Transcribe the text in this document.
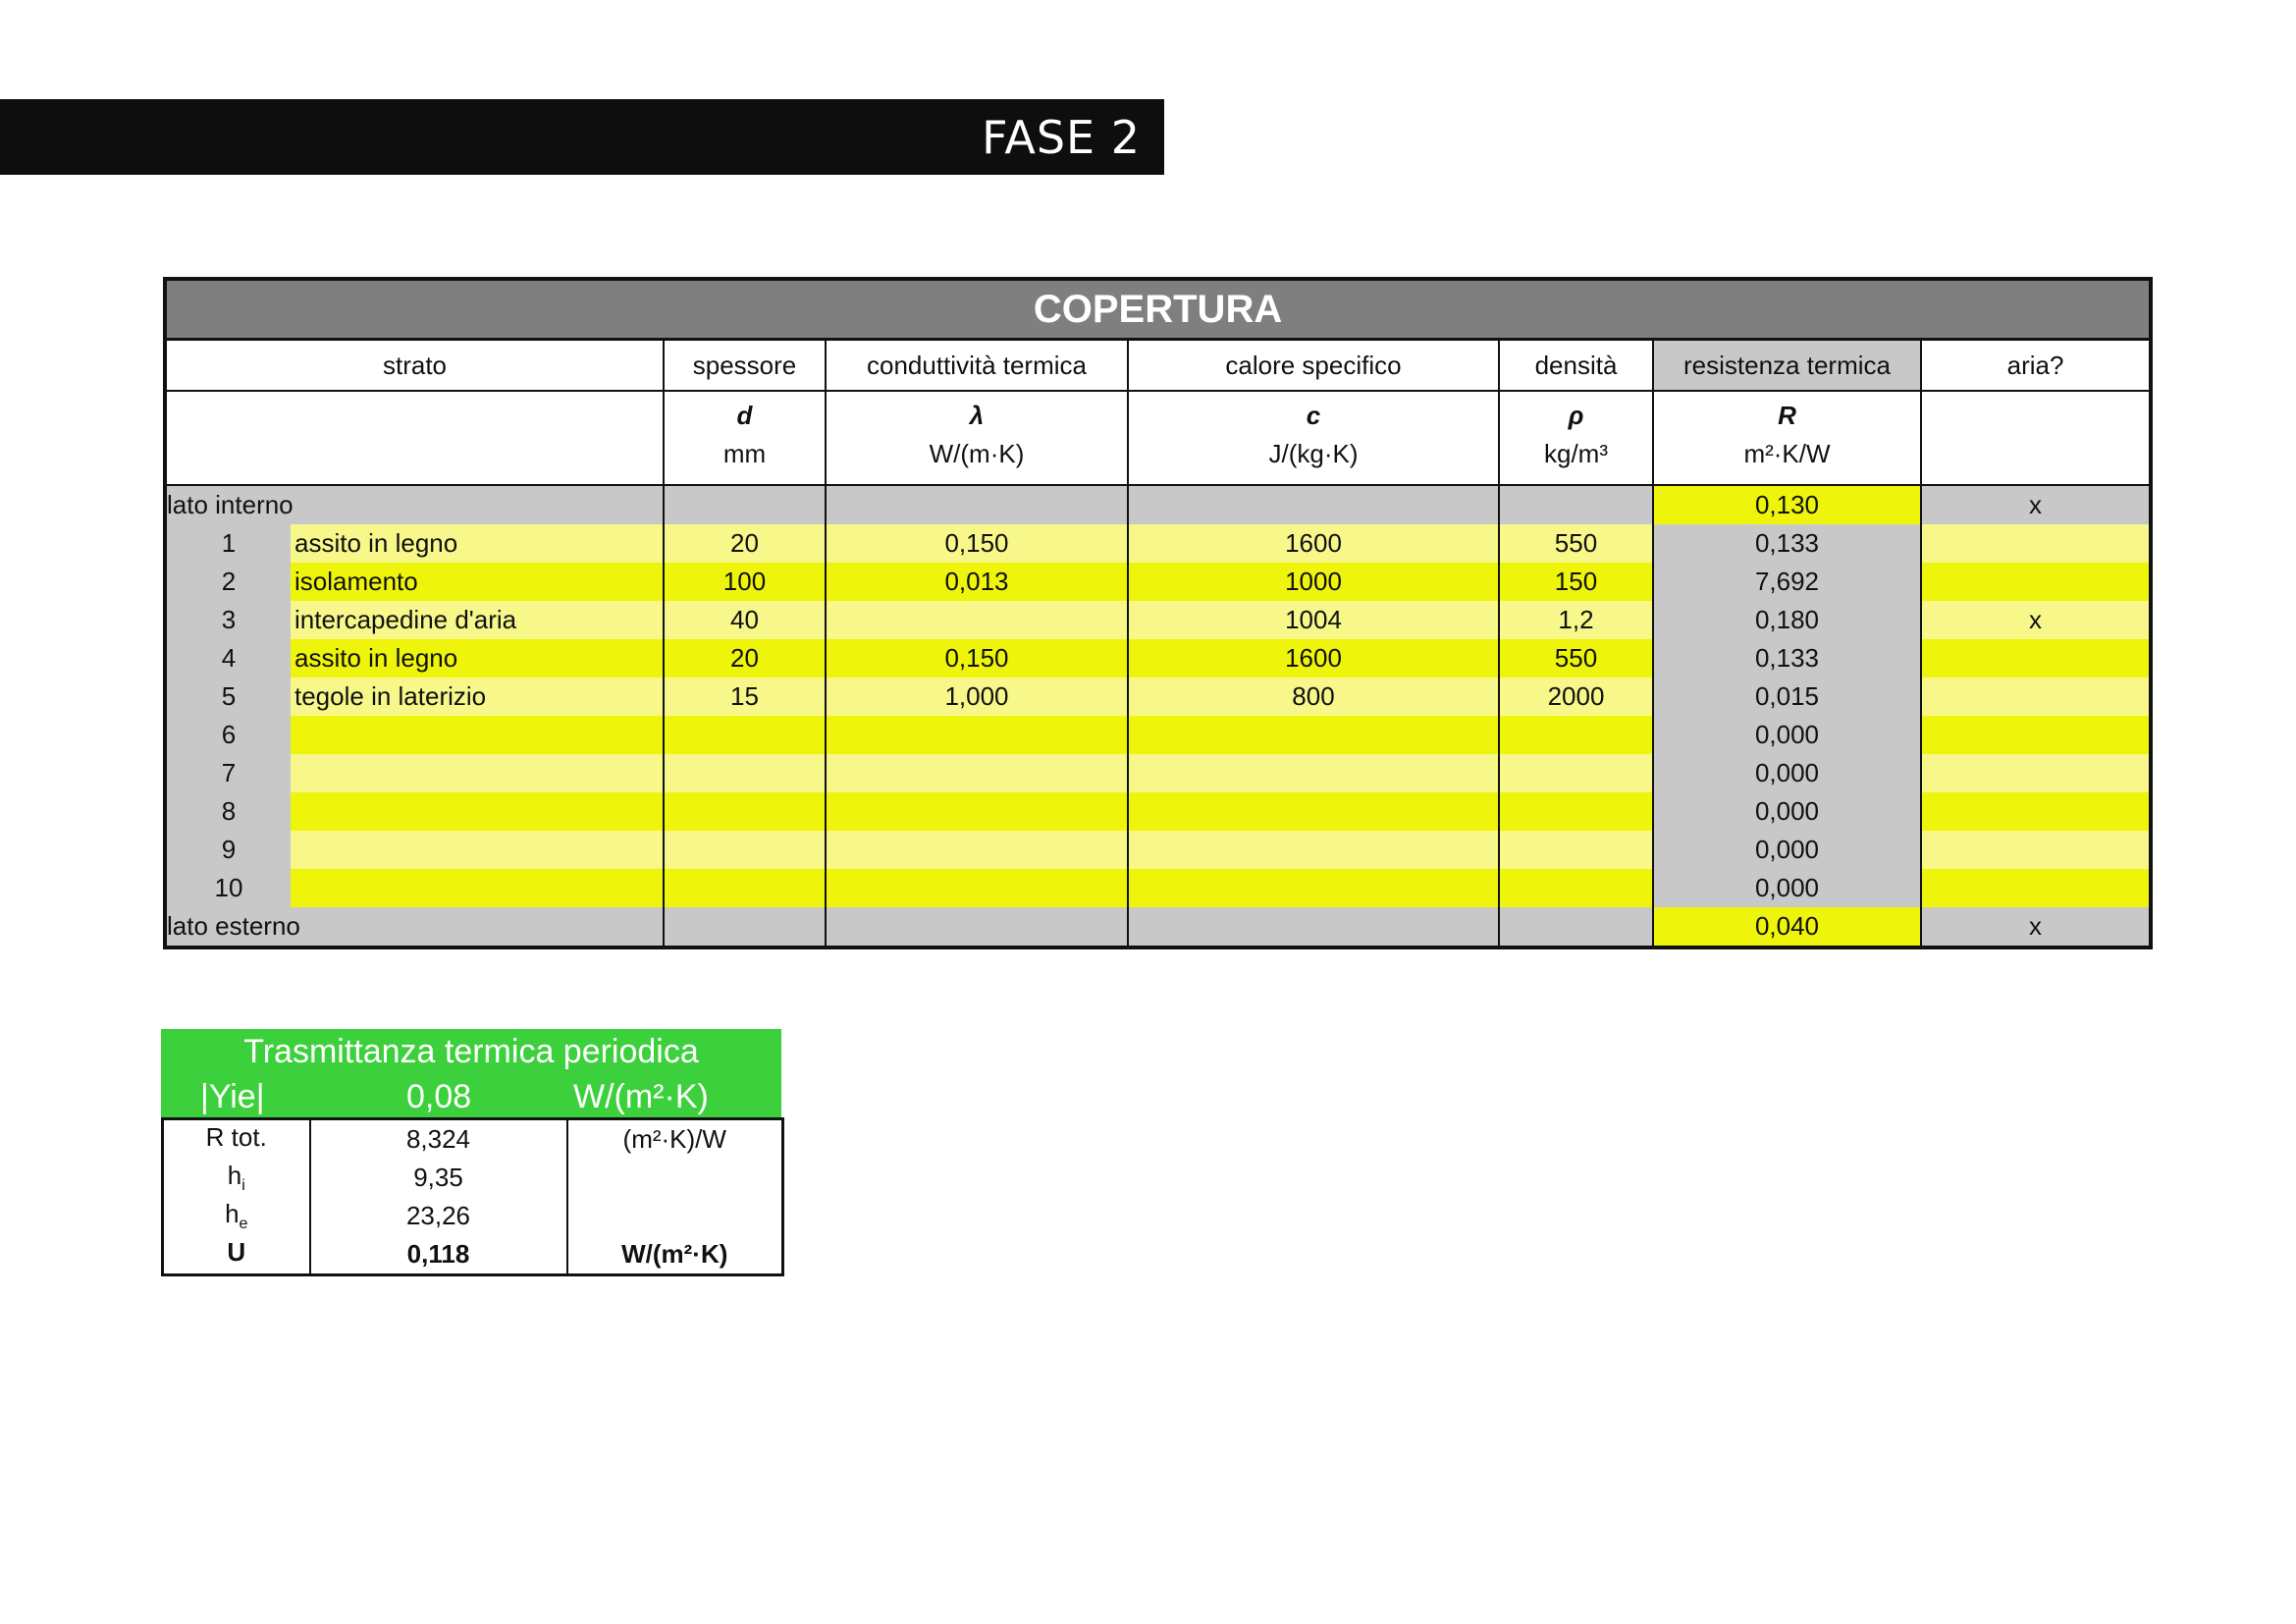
FASE 2
COPERTURA							
strato		spessore	conduttività termica	calore specifico	densità	resistenza termica	aria?
		d	λ	c	ρ	R	
		mm	W/(m·K)	J/(kg·K)	kg/m³	m²·K/W	
lato interno						0,130	x
1	assito in legno	20	0,150	1600	550	0,133	
2	isolamento	100	0,013	1000	150	7,692	
3	intercapedine d'aria	40		1004	1,2	0,180	x
4	assito in legno	20	0,150	1600	550	0,133	
5	tegole in laterizio	15	1,000	800	2000	0,015	
6						0,000	
7						0,000	
8						0,000	
9						0,000	
10						0,000	
lato esterno						0,040	x
Trasmittanza termica periodica
|Yie|	0,08	W/(m²·K)
R tot.	8,324	(m²·K)/W
$h_i$	9,35	
$h_e$	23,26	
U	0,118	W/(m²·K)
